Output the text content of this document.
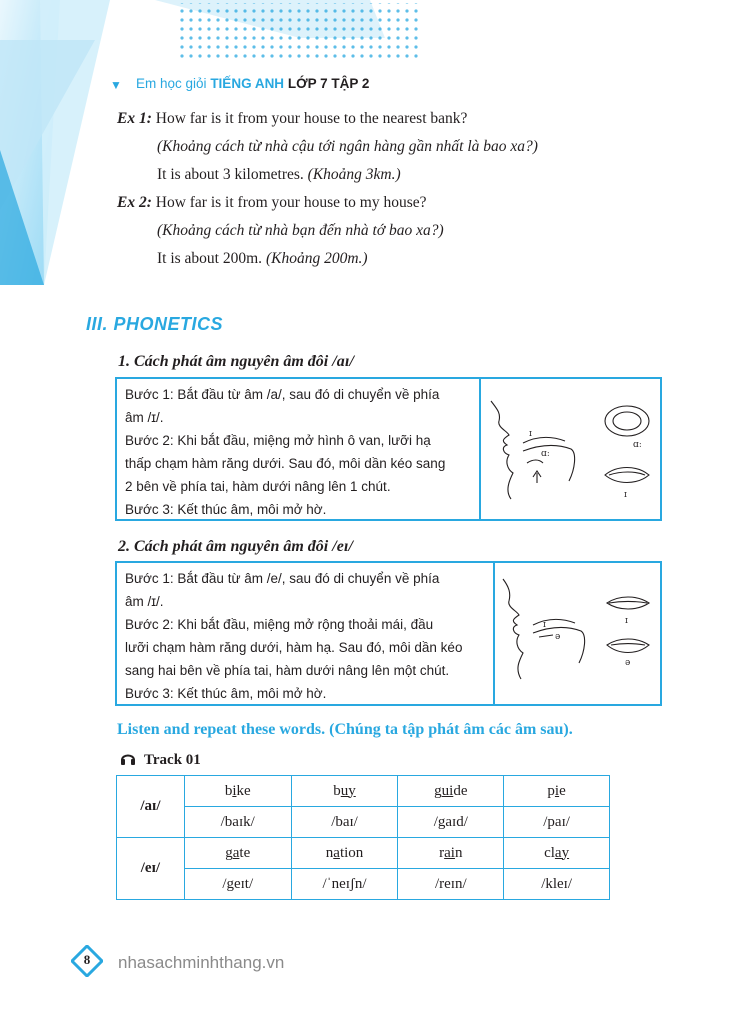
▼ Em học giỏi TIẾNG ANH LỚP 7 TẬP 2
Ex 1: How far is it from your house to the nearest bank?
(Khoảng cách từ nhà cậu tới ngân hàng gần nhất là bao xa?)
It is about 3 kilometres. (Khoảng 3km.)
Ex 2: How far is it from your house to my house?
(Khoảng cách từ nhà bạn đến nhà tớ bao xa?)
It is about 200m. (Khoảng 200m.)
III. PHONETICS
1. Cách phát âm nguyên âm đôi /aɪ/
Bước 1: Bắt đầu từ âm /a/, sau đó di chuyển về phía
âm /ɪ/.
Bước 2: Khi bắt đầu, miệng mở hình ô van, lưỡi hạ
thấp chạm hàm răng dưới. Sau đó, môi dần kéo sang
2 bên về phía tai, hàm dưới nâng lên 1 chút.
Bước 3: Kết thúc âm, môi mở hờ.
ɪ
ɑː
ɑː
ɪ
2. Cách phát âm nguyên âm đôi /eɪ/
Bước 1: Bắt đầu từ âm /e/, sau đó di chuyển về phía
âm /ɪ/.
Bước 2: Khi bắt đầu, miệng mở rộng thoải mái, đầu
lưỡi chạm hàm răng dưới, hàm hạ. Sau đó, môi dần kéo
sang hai bên về phía tai, hàm dưới nâng lên một chút.
Bước 3: Kết thúc âm, môi mở hờ.
ɪ
ə
ɪ
ə
Listen and repeat these words. (Chúng ta tập phát âm các âm sau).
Track 01
/aɪ/	bike	buy	guide	pie
	/baɪk/	/baɪ/	/gaɪd/	/paɪ/
/eɪ/	gate	nation	rain	clay
	/geɪt/	/ˈneɪʃn/	/reɪn/	/kleɪ/
8	nhasachminhthang.vn
